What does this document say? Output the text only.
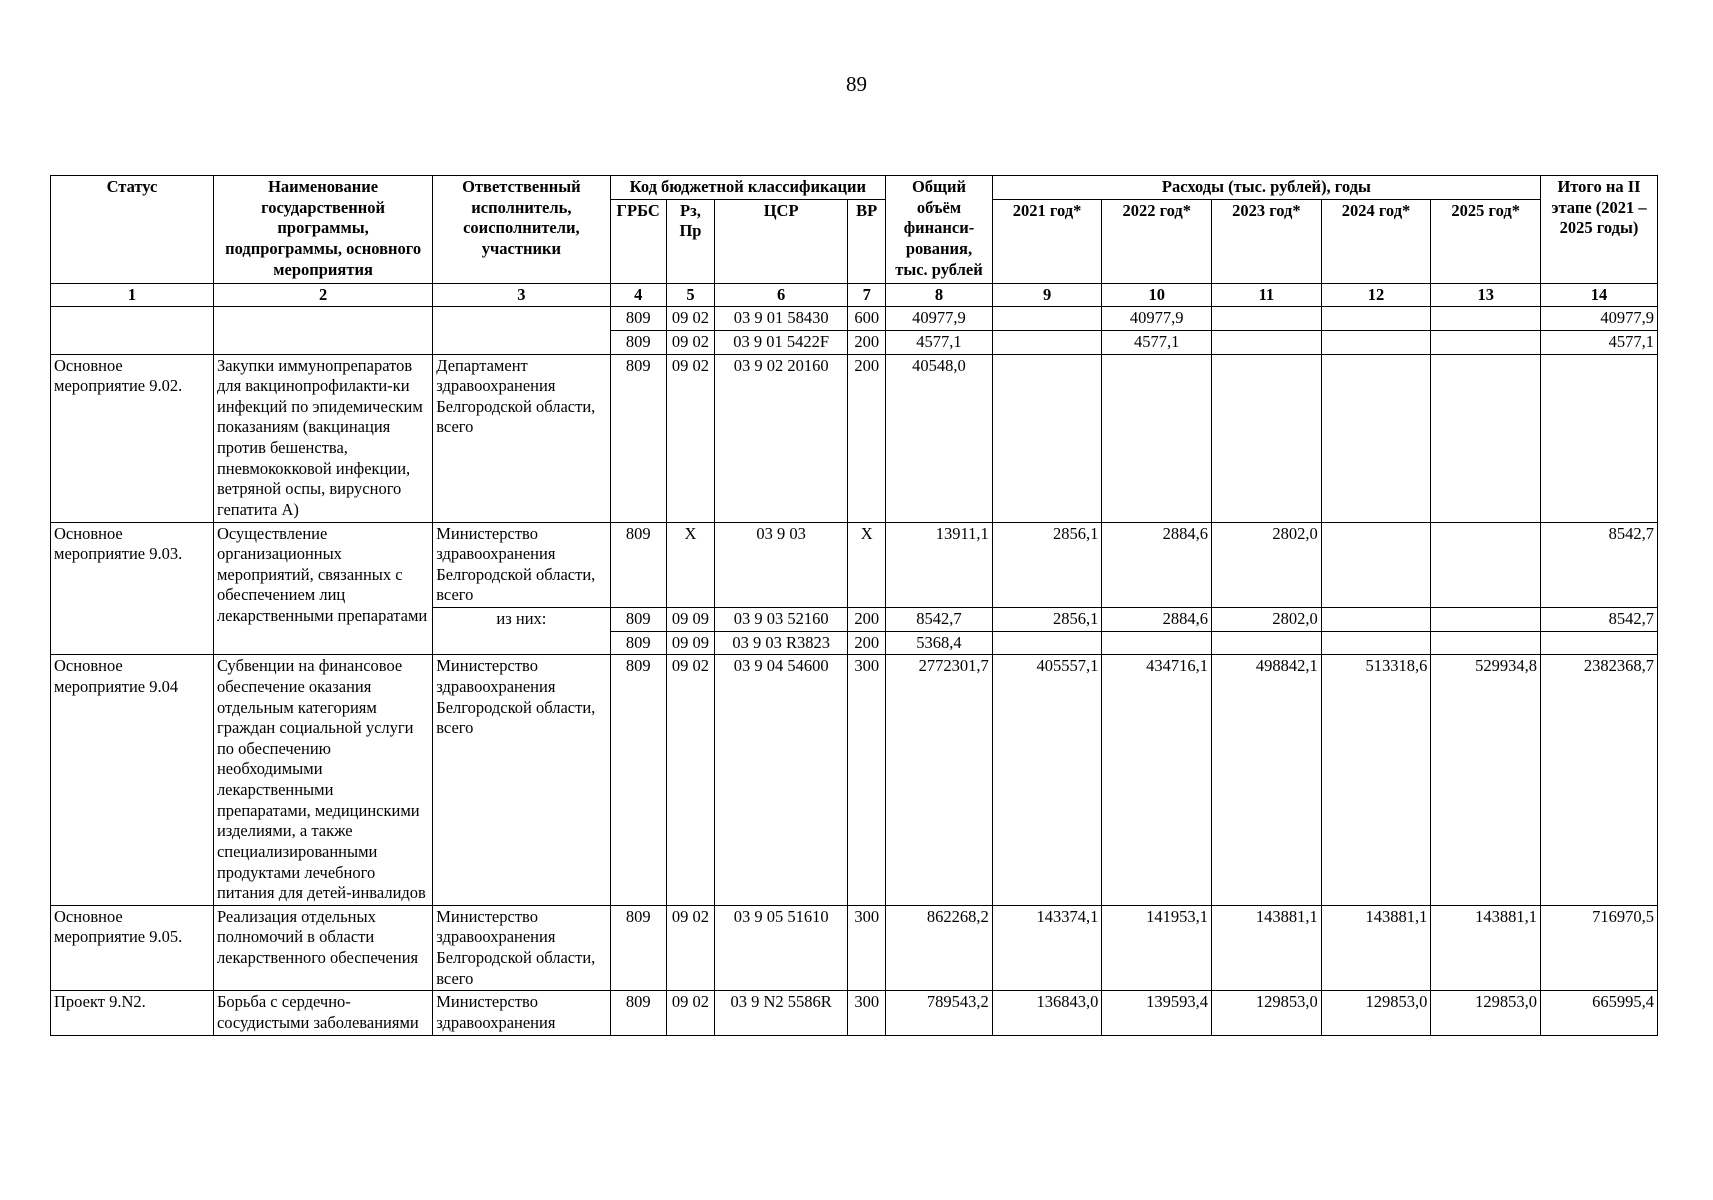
89
Статус	Наименование государственной программы, подпрограммы, основного мероприятия	Ответственный исполнитель, соисполнители, участники	Код бюджетной классификации				Общий объём финанси-рования, тыс. рублей	Расходы (тыс. рублей), годы					Итого на II этапе (2021 – 2025 годы)
			ГРБС	Рз, Пр	ЦСР	ВР		2021 год*	2022 год*	2023 год*	2024 год*	2025 год*	
1	2	3	4	5	6	7	8	9	10	11	12	13	14
			809	09 02	03 9 01 58430	600	40977,9		40977,9				40977,9
			809	09 02	03 9 01 5422F	200	4577,1		4577,1				4577,1
Основное мероприятие 9.02.	Закупки иммунопрепаратов для вакцинопрофилакти-ки инфекций по эпидемическим показаниям (вакцинация против бешенства, пневмококковой инфекции, ветряной оспы, вирусного гепатита А)	Департамент здравоохранения Белгородской области, всего	809	09 02	03 9 02 20160	200	40548,0						
Основное мероприятие 9.03.	Осуществление организационных мероприятий, связанных с обеспечением лиц лекарственными препаратами	Министерство здравоохранения Белгородской области, всего	809	Х	03 9 03	Х	13911,1	2856,1	2884,6	2802,0			8542,7
		из них:	809	09 09	03 9 03 52160	200	8542,7	2856,1	2884,6	2802,0			8542,7
			809	09 09	03 9 03 R3823	200	5368,4						
Основное мероприятие 9.04	Субвенции на финансовое обеспечение оказания отдельным категориям граждан социальной услуги по обеспечению необходимыми лекарственными препаратами, медицинскими изделиями, а также специализированными продуктами лечебного питания для детей-инвалидов	Министерство здравоохранения Белгородской области, всего	809	09 02	03 9 04 54600	300	2772301,7	405557,1	434716,1	498842,1	513318,6	529934,8	2382368,7
Основное мероприятие 9.05.	Реализация отдельных полномочий в области лекарственного обеспечения	Министерство здравоохранения Белгородской области, всего	809	09 02	03 9 05 51610	300	862268,2	143374,1	141953,1	143881,1	143881,1	143881,1	716970,5
Проект 9.N2.	Борьба с сердечно-сосудистыми заболеваниями	Министерство здравоохранения	809	09 02	03 9 N2 5586R	300	789543,2	136843,0	139593,4	129853,0	129853,0	129853,0	665995,4
